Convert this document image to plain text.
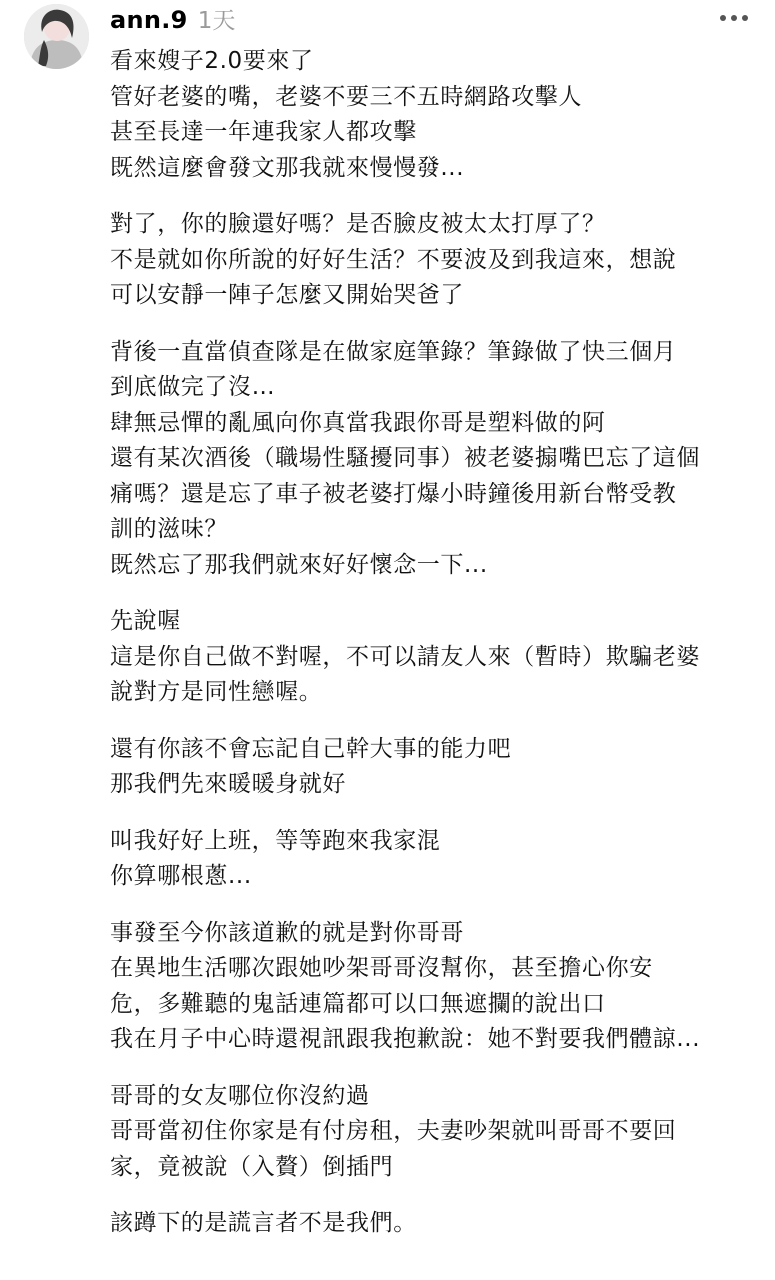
ann.9 1天
看來嫂子2.0要來了
管好老婆的嘴，老婆不要三不五時網路攻擊人
甚至長達一年連我家人都攻擊
既然這麼會發文那我就來慢慢發...
對了，你的臉還好嗎？是否臉皮被太太打厚了？
不是就如你所說的好好生活？不要波及到我這來，想說
可以安靜一陣子怎麼又開始哭爸了
背後一直當偵查隊是在做家庭筆錄？筆錄做了快三個月
到底做完了沒…
肆無忌憚的亂風向你真當我跟你哥是塑料做的阿
還有某次酒後（職場性騷擾同事）被老婆搧嘴巴忘了這個
痛嗎？還是忘了車子被老婆打爆小時鐘後用新台幣受教
訓的滋味？
既然忘了那我們就來好好懷念一下...
先說喔
這是你自己做不對喔，不可以請友人來（暫時）欺騙老婆
說對方是同性戀喔。
還有你該不會忘記自己幹大事的能力吧
那我們先來暖暖身就好
叫我好好上班，等等跑來我家混
你算哪根蔥...
事發至今你該道歉的就是對你哥哥
在異地生活哪次跟她吵架哥哥沒幫你，甚至擔心你安
危，多難聽的鬼話連篇都可以口無遮攔的說出口
我在月子中心時還視訊跟我抱歉說：她不對要我們體諒...
哥哥的女友哪位你沒約過
哥哥當初住你家是有付房租，夫妻吵架就叫哥哥不要回
家，竟被說（入贅）倒插門
該蹲下的是謊言者不是我們。
